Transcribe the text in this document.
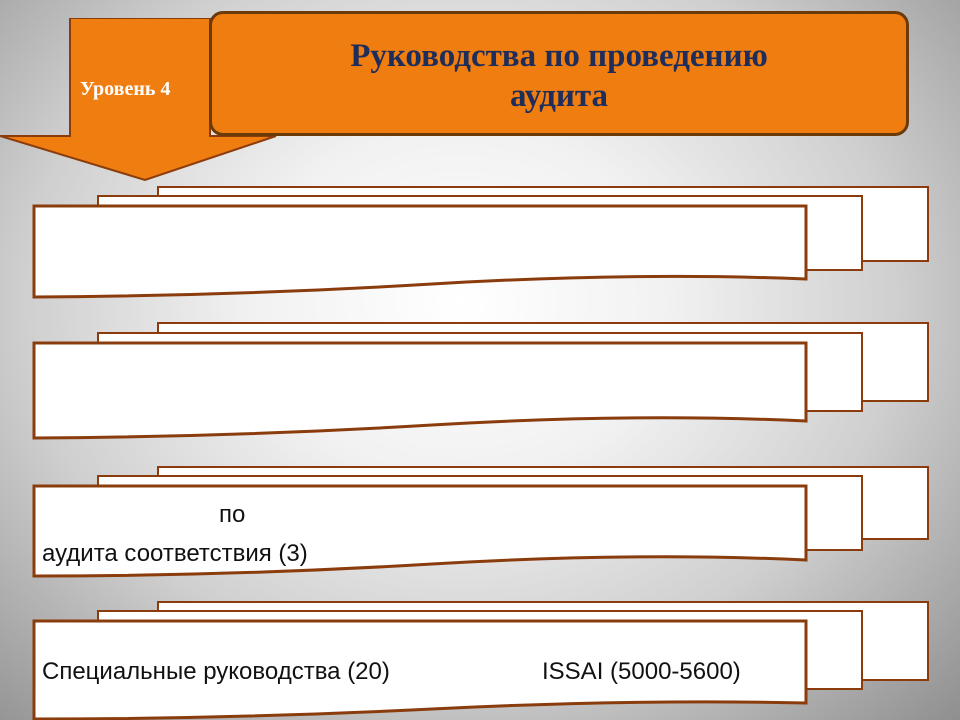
Уровень 4
Руководства по проведению
аудита
по
аудита соответствия (3)
Специальные руководства (20)	ISSAI (5000-5600)
